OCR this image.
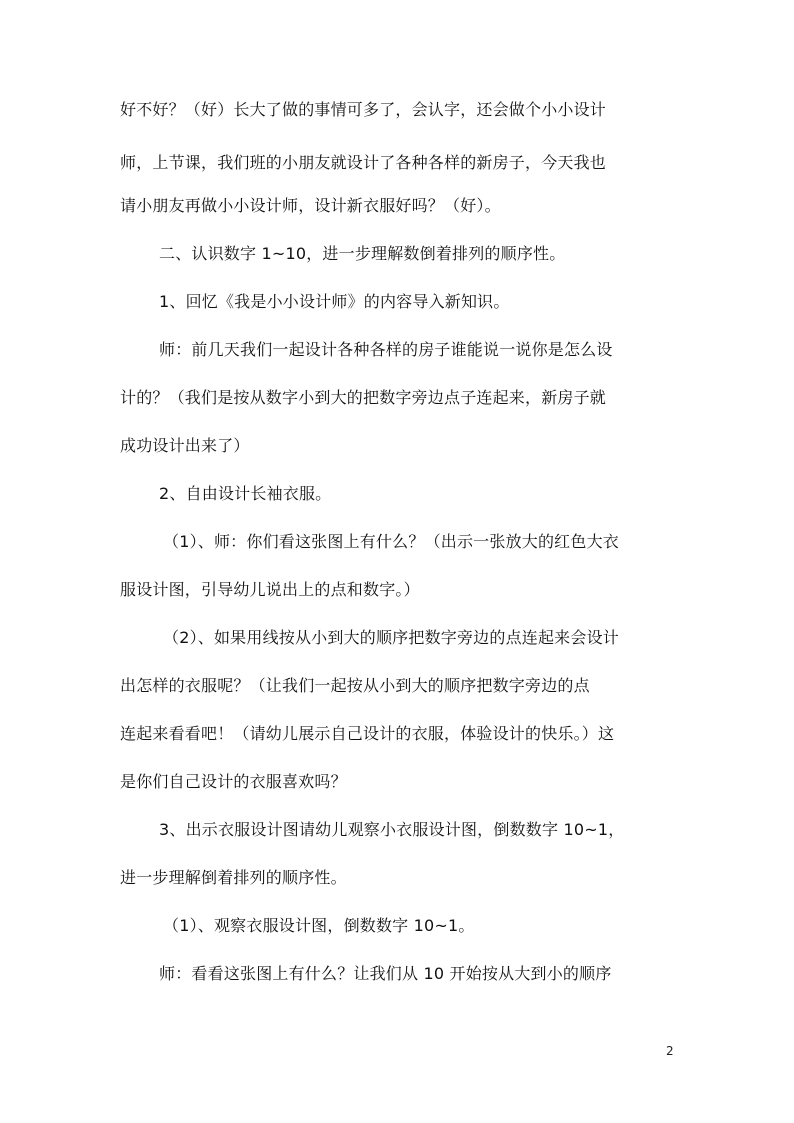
好不好？（好）长大了做的事情可多了，会认字，还会做个小小设计
师，上节课，我们班的小朋友就设计了各种各样的新房子，今天我也
请小朋友再做小小设计师，设计新衣服好吗？（好）。
二、认识数字 1~10，进一步理解数倒着排列的顺序性。
1、回忆《我是小小设计师》的内容导入新知识。
师：前几天我们一起设计各种各样的房子谁能说一说你是怎么设
计的？（我们是按从数字小到大的把数字旁边点子连起来，新房子就
成功设计出来了）
2、自由设计长袖衣服。
（1）、师：你们看这张图上有什么？（出示一张放大的红色大衣
服设计图，引导幼儿说出上的点和数字。）
（2）、如果用线按从小到大的顺序把数字旁边的点连起来会设计
出怎样的衣服呢？（让我们一起按从小到大的顺序把数字旁边的点
连起来看看吧！（请幼儿展示自己设计的衣服，体验设计的快乐。）这
是你们自己设计的衣服喜欢吗？
3、出示衣服设计图请幼儿观察小衣服设计图，倒数数字 10~1，
进一步理解倒着排列的顺序性。
（1）、观察衣服设计图，倒数数字 10~1。
师：看看这张图上有什么？让我们从 10 开始按从大到小的顺序
2
